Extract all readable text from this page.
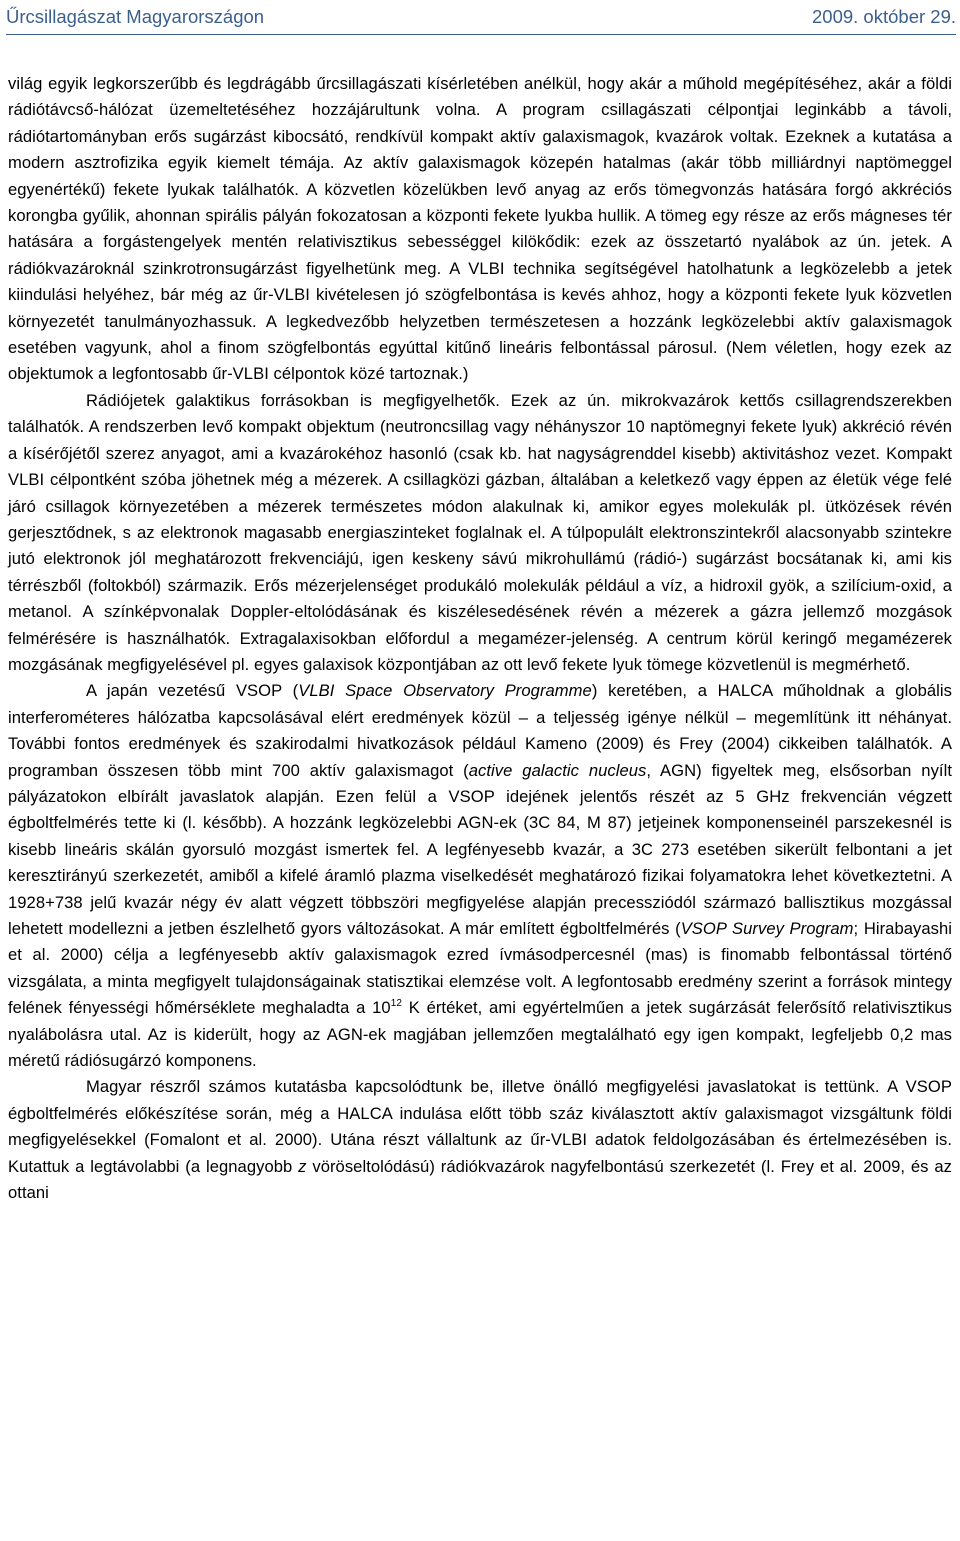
Űrcsillagászat Magyarországon	2009. október 29.

világ egyik legkorszerűbb és legdrágább űrcsillagászati kísérletében anélkül, hogy akár a műhold megépítéséhez, akár a földi rádiótávcső-hálózat üzemeltetéséhez hozzájárultunk volna. A program csillagászati célpontjai leginkább a távoli, rádiótartományban erős sugárzást kibocsátó, rendkívül kompakt aktív galaxismagok, kvazárok voltak. Ezeknek a kutatása a modern asztrofizika egyik kiemelt témája. Az aktív galaxismagok közepén hatalmas (akár több milliárdnyi naptömeggel egyenértékű) fekete lyukak találhatók. A közvetlen közelükben levő anyag az erős tömegvonzás hatására forgó akkréciós korongba gyűlik, ahonnan spirális pályán fokozatosan a központi fekete lyukba hullik. A tömeg egy része az erős mágneses tér hatására a forgástengelyek mentén relativisztikus sebességgel kilökődik: ezek az összetartó nyalábok az ún. jetek. A rádiókvazároknál szinkrotronsugárzást figyelhetünk meg. A VLBI technika segítségével hatolhatunk a legközelebb a jetek kiindulási helyéhez, bár még az űr-VLBI kivételesen jó szögfelbontása is kevés ahhoz, hogy a központi fekete lyuk közvetlen környezetét tanulmányozhassuk. A legkedvezőbb helyzetben természetesen a hozzánk legközelebbi aktív galaxismagok esetében vagyunk, ahol a finom szögfelbontás egyúttal kitűnő lineáris felbontással párosul. (Nem véletlen, hogy ezek az objektumok a legfontosabb űr-VLBI célpontok közé tartoznak.)

Rádiójetek galaktikus forrásokban is megfigyelhetők. Ezek az ún. mikrokvazárok kettős csillagrendszerekben találhatók. A rendszerben levő kompakt objektum (neutroncsillag vagy néhányszor 10 naptömegnyi fekete lyuk) akkréció révén a kísérőjétől szerez anyagot, ami a kvazárokéhoz hasonló (csak kb. hat nagyságrenddel kisebb) aktivitáshoz vezet. Kompakt VLBI célpontként szóba jöhetnek még a mézerek. A csillagközi gázban, általában a keletkező vagy éppen az életük vége felé járó csillagok környezetében a mézerek természetes módon alakulnak ki, amikor egyes molekulák pl. ütközések révén gerjesztődnek, s az elektronok magasabb energiaszinteket foglalnak el. A túlpopulált elektronszintekről alacsonyabb szintekre jutó elektronok jól meghatározott frekvenciájú, igen keskeny sávú mikrohullámú (rádió-) sugárzást bocsátanak ki, ami kis térrészből (foltokból) származik. Erős mézerjelenséget produkáló molekulák például a víz, a hidroxil gyök, a szilícium-oxid, a metanol. A színképvonalak Doppler-eltolódásának és kiszélesedésének révén a mézerek a gázra jellemző mozgások felmérésére is használhatók. Extragalaxisokban előfordul a megamézer-jelenség. A centrum körül keringő megamézerek mozgásának megfigyelésével pl. egyes galaxisok központjában az ott levő fekete lyuk tömege közvetlenül is megmérhető.

A japán vezetésű VSOP (VLBI Space Observatory Programme) keretében, a HALCA műholdnak a globális interferométeres hálózatba kapcsolásával elért eredmények közül – a teljesség igénye nélkül – megemlítünk itt néhányat. További fontos eredmények és szakirodalmi hivatkozások például Kameno (2009) és Frey (2004) cikkeiben találhatók. A programban összesen több mint 700 aktív galaxismagot (active galactic nucleus, AGN) figyeltek meg, elsősorban nyílt pályázatokon elbírált javaslatok alapján. Ezen felül a VSOP idejének jelentős részét az 5 GHz frekvencián végzett égboltfelmérés tette ki (l. később). A hozzánk legközelebbi AGN-ek (3C 84, M 87) jetjeinek komponenseinél parszekesnél is kisebb lineáris skálán gyorsuló mozgást ismertek fel. A legfényesebb kvazár, a 3C 273 esetében sikerült felbontani a jet keresztirányú szerkezetét, amiből a kifelé áramló plazma viselkedését meghatározó fizikai folyamatokra lehet következtetni. A 1928+738 jelű kvazár négy év alatt végzett többszöri megfigyelése alapján precessziódól származó ballisztikus mozgással lehetett modellezni a jetben észlelhető gyors változásokat. A már említett égboltfelmérés (VSOP Survey Program; Hirabayashi et al. 2000) célja a legfényesebb aktív galaxismagok ezred ívmásodpercesnél (mas) is finomabb felbontással történő vizsgálata, a minta megfigyelt tulajdonságainak statisztikai elemzése volt. A legfontosabb eredmény szerint a források mintegy felének fényességi hőmérséklete meghaladta a $10^{12}$ K értéket, ami egyértelműen a jetek sugárzását felerősítő relativisztikus nyalábolásra utal. Az is kiderült, hogy az AGN-ek magjában jellemzően megtalálható egy igen kompakt, legfeljebb 0,2 mas méretű rádiósugárzó komponens.

Magyar részről számos kutatásba kapcsolódtunk be, illetve önálló megfigyelési javaslatokat is tettünk. A VSOP égboltfelmérés előkészítése során, még a HALCA indulása előtt több száz kiválasztott aktív galaxismagot vizsgáltunk földi megfigyelésekkel (Fomalont et al. 2000). Utána részt vállaltunk az űr-VLBI adatok feldolgozásában és értelmezésében is. Kutattuk a legtávolabbi (a legnagyobb z vöröseltolódású) rádiókvazárok nagyfelbontású szerkezetét (l. Frey et al. 2009, és az ottani
